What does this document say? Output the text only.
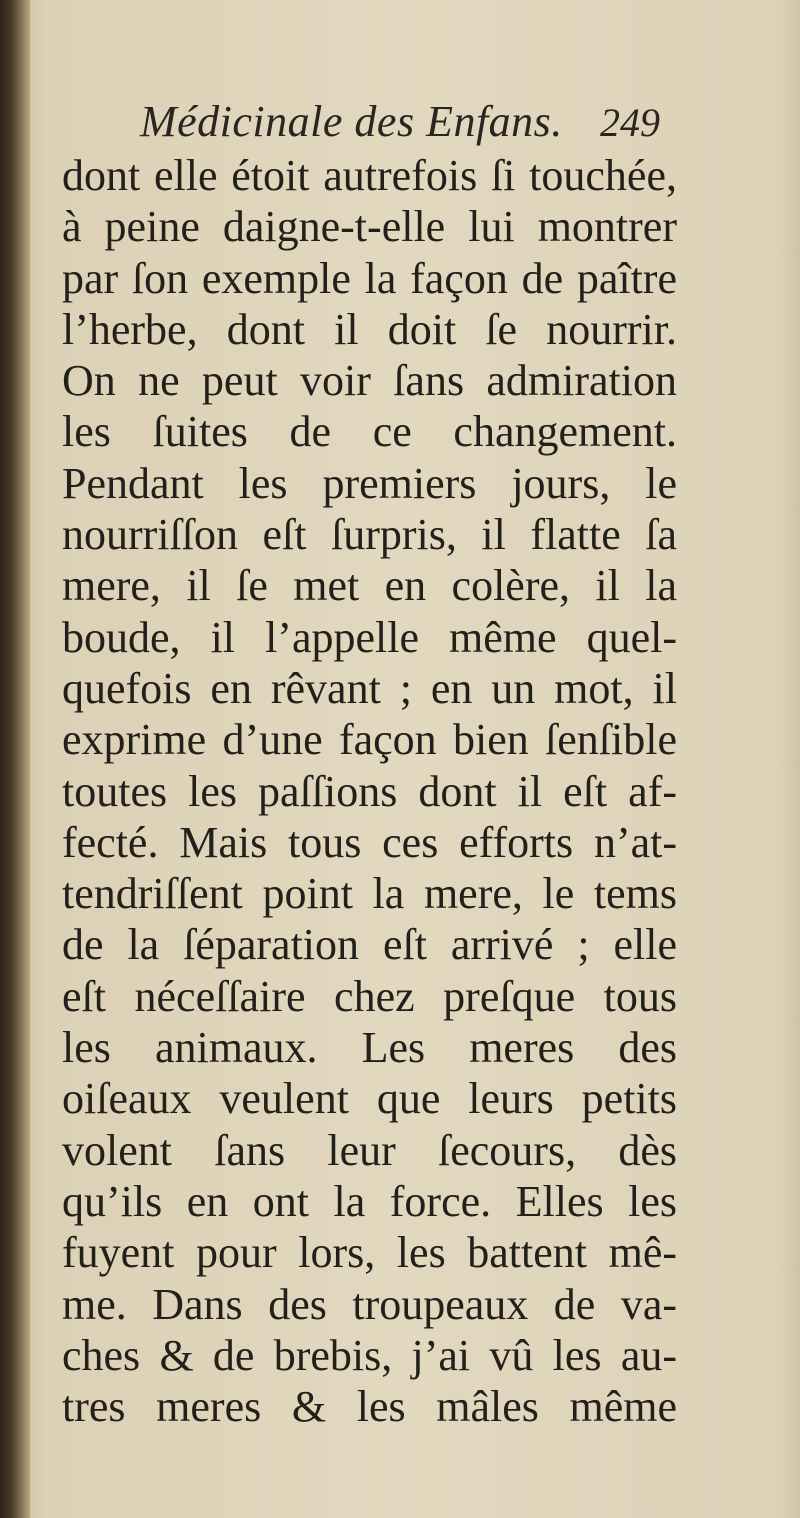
Médicinale des Enfans. 249
dont elle étoit autrefois ſi touchée,
à peine daigne-t-elle lui montrer
par ſon exemple la façon de paître
l’herbe, dont il doit ſe nourrir.
On ne peut voir ſans admiration
les ſuites de ce changement.
Pendant les premiers jours, le
nourriſſon eſt ſurpris, il flatte ſa
mere, il ſe met en colère, il la
boude, il l’appelle même quel-
quefois en rêvant ; en un mot, il
exprime d’une façon bien ſenſible
toutes les paſſions dont il eſt af-
fecté. Mais tous ces efforts n’at-
tendriſſent point la mere, le tems
de la ſéparation eſt arrivé ; elle
eſt néceſſaire chez preſque tous
les animaux. Les meres des
oiſeaux veulent que leurs petits
volent ſans leur ſecours, dès
qu’ils en ont la force. Elles les
fuyent pour lors, les battent mê-
me. Dans des troupeaux de va-
ches & de brebis, j’ai vû les au-
tres meres & les mâles même
